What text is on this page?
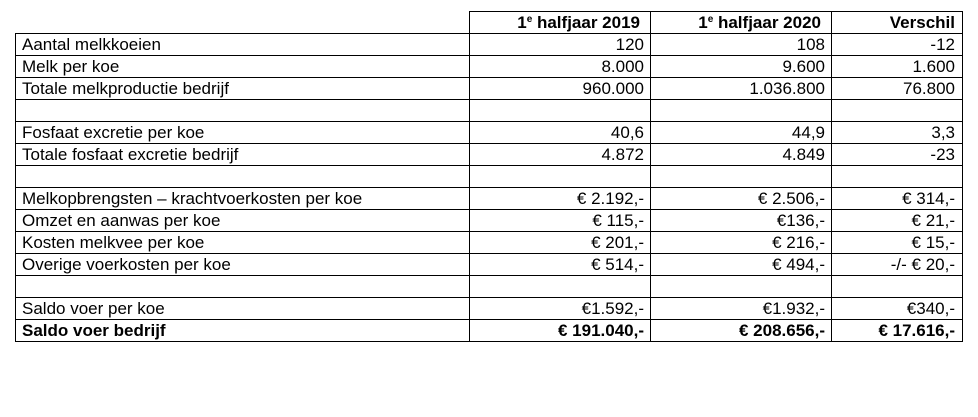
	1e halfjaar 2019	1e halfjaar 2020	Verschil
Aantal melkkoeien	120	108	-12
Melk per koe	8.000	9.600	1.600
Totale melkproductie bedrijf	960.000	1.036.800	76.800

Fosfaat excretie per koe	40,6	44,9	3,3
Totale fosfaat excretie bedrijf	4.872	4.849	-23

Melkopbrengsten – krachtvoerkosten per koe	€ 2.192,-	€ 2.506,-	€ 314,-
Omzet en aanwas per koe	€ 115,-	€136,-	€ 21,-
Kosten melkvee per koe	€ 201,-	€ 216,-	€ 15,-
Overige voerkosten per koe	€ 514,-	€ 494,-	-/- € 20,-

Saldo voer per koe	€1.592,-	€1.932,-	€340,-
Saldo voer bedrijf	€ 191.040,-	€ 208.656,-	€ 17.616,-
